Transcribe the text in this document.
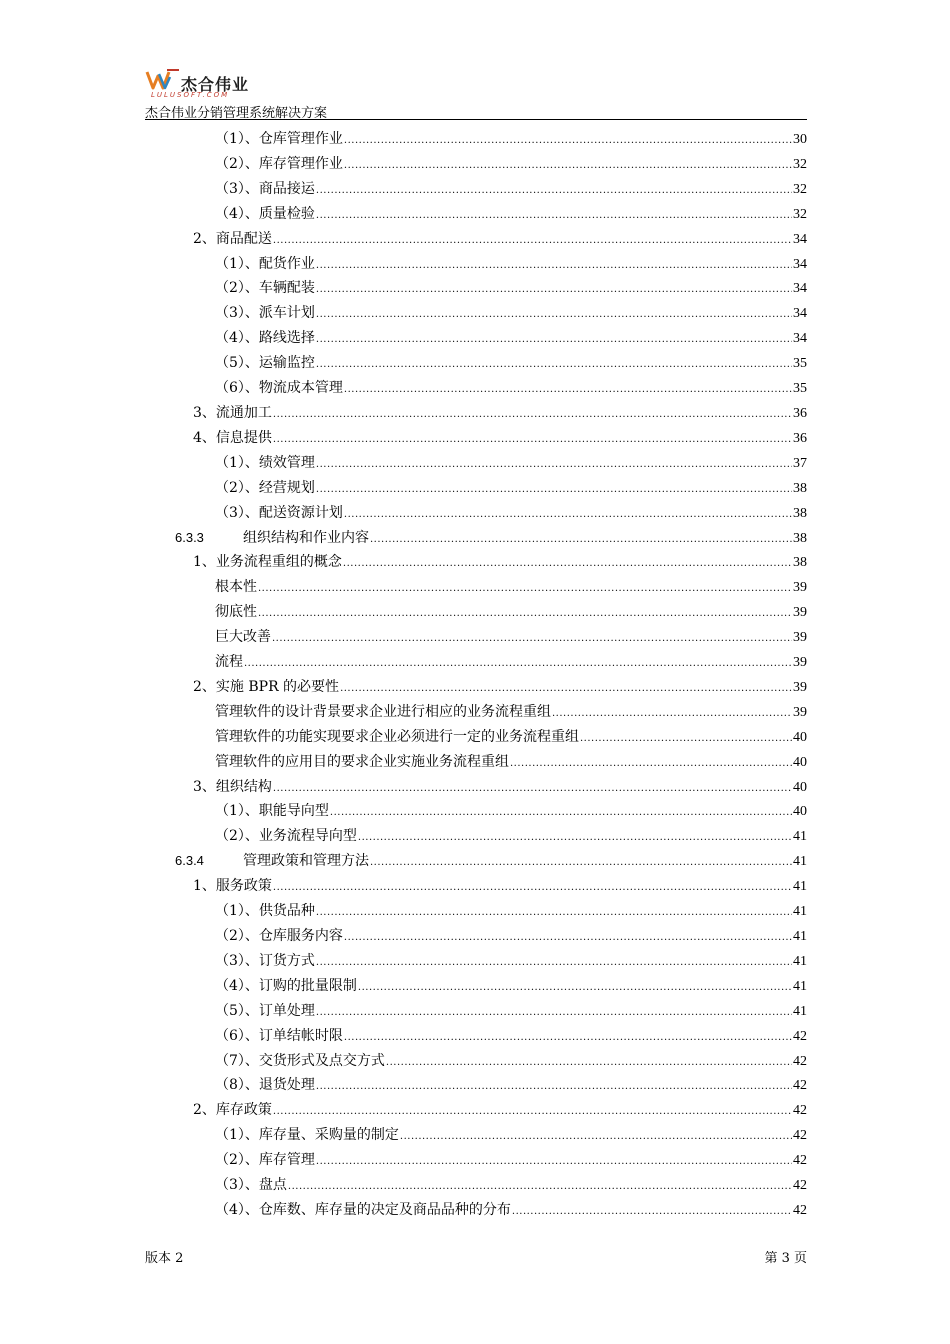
杰合伟业
LULUSOFT.COM
杰合伟业分销管理系统解决方案
（1）、仓库管理作业 .....	30
（2）、库存管理作业 .....	32
（3）、商品接运 .....	32
（4）、质量检验 .....	32
2、商品配送 .....	34
（1）、配货作业 .....	34
（2）、车辆配装 .....	34
（3）、派车计划 .....	34
（4）、路线选择 .....	34
（5）、运输监控 .....	35
（6）、物流成本管理 .....	35
3、流通加工 .....	36
4、信息提供 .....	36
（1）、绩效管理 .....	37
（2）、经营规划 .....	38
（3）、配送资源计划 .....	38
6.3.3	组织结构和作业内容 .....	38
1、业务流程重组的概念 .....	38
根本性 .....	39
彻底性 .....	39
巨大改善 .....	39
流程 .....	39
2、实施 BPR 的必要性 .....	39
管理软件的设计背景要求企业进行相应的业务流程重组 .....	39
管理软件的功能实现要求企业必须进行一定的业务流程重组 .....	40
管理软件的应用目的要求企业实施业务流程重组 .....	40
3、组织结构 .....	40
（1）、职能导向型 .....	40
（2）、业务流程导向型 .....	41
6.3.4	管理政策和管理方法 .....	41
1、服务政策 .....	41
（1）、供货品种 .....	41
（2）、仓库服务内容 .....	41
（3）、订货方式 .....	41
（4）、订购的批量限制 .....	41
（5）、订单处理 .....	41
（6）、订单结帐时限 .....	42
（7）、交货形式及点交方式 .....	42
（8）、退货处理 .....	42
2、库存政策 .....	42
（1）、库存量、采购量的制定 .....	42
（2）、库存管理 .....	42
（3）、盘点 .....	42
（4）、仓库数、库存量的决定及商品品种的分布 .....	42
版本 2	第 3 页
